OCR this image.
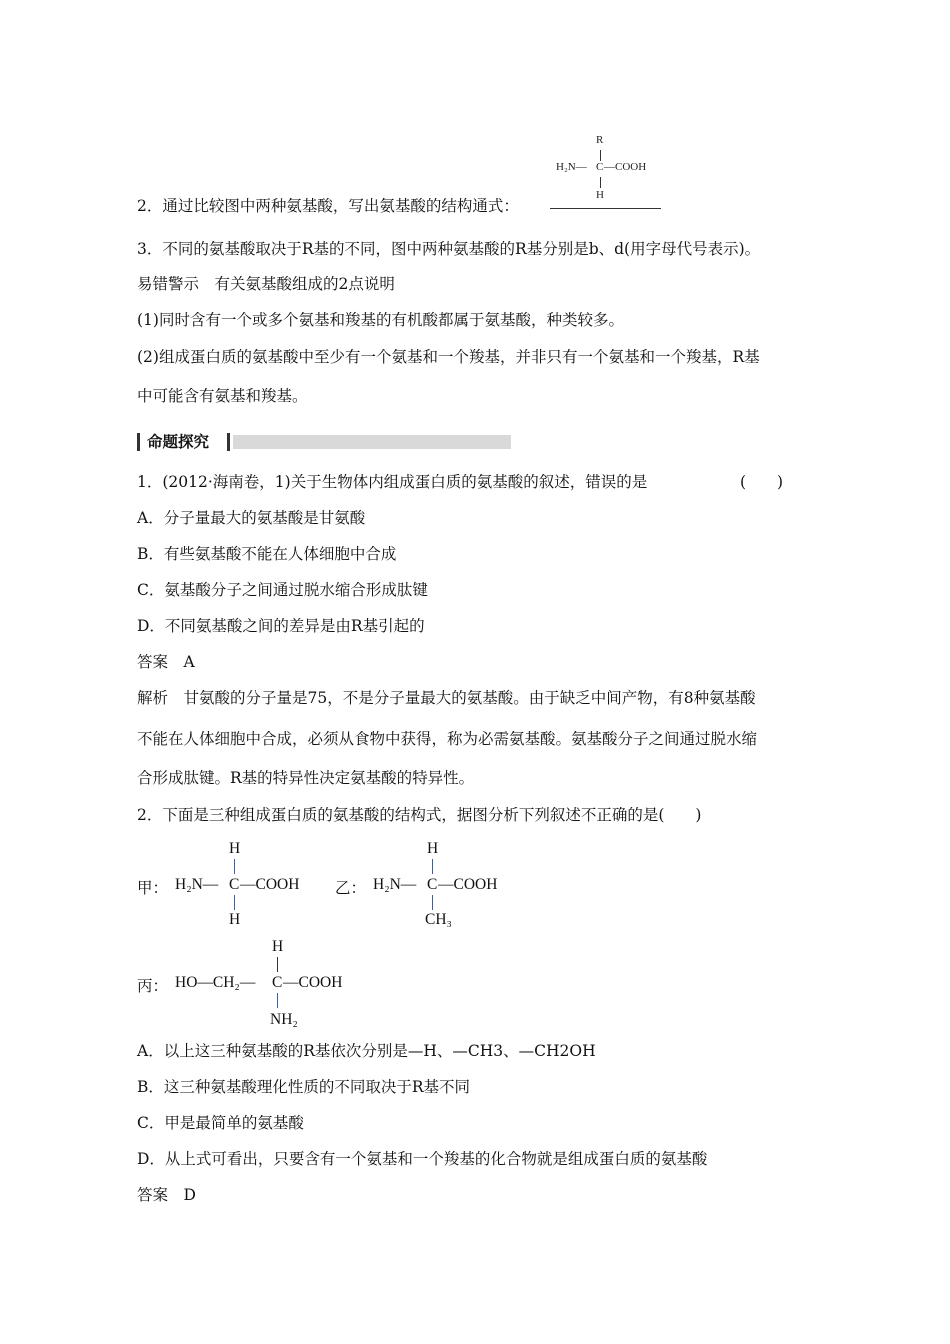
R
H₂N— C —COOH
H
2．通过比较图中两种氨基酸，写出氨基酸的结构通式：
3．不同的氨基酸取决于R基的不同，图中两种氨基酸的R基分别是b、d(用字母代号表示)。
易错警示　有关氨基酸组成的2点说明
(1)同时含有一个或多个氨基和羧基的有机酸都属于氨基酸，种类较多。
(2)组成蛋白质的氨基酸中至少有一个氨基和一个羧基，并非只有一个氨基和一个羧基，R基
中可能含有氨基和羧基。
命题探究
1．(2012·海南卷，1)关于生物体内组成蛋白质的氨基酸的叙述，错误的是	(　　)
A．分子量最大的氨基酸是甘氨酸
B．有些氨基酸不能在人体细胞中合成
C．氨基酸分子之间通过脱水缩合形成肽键
D．不同氨基酸之间的差异是由R基引起的
答案　A
解析　甘氨酸的分子量是75，不是分子量最大的氨基酸。由于缺乏中间产物，有8种氨基酸
不能在人体细胞中合成，必须从食物中获得，称为必需氨基酸。氨基酸分子之间通过脱水缩
合形成肽键。R基的特异性决定氨基酸的特异性。
2．下面是三种组成蛋白质的氨基酸的结构式，据图分析下列叙述不正确的是(　　)
H
甲： H₂N— C —COOH
H
H
乙： H₂N— C —COOH
CH₃
H
丙： HO—CH₂— C —COOH
NH₂
A．以上这三种氨基酸的R基依次分别是—H、—CH3、—CH2OH
B．这三种氨基酸理化性质的不同取决于R基不同
C．甲是最简单的氨基酸
D．从上式可看出，只要含有一个氨基和一个羧基的化合物就是组成蛋白质的氨基酸
答案　D
